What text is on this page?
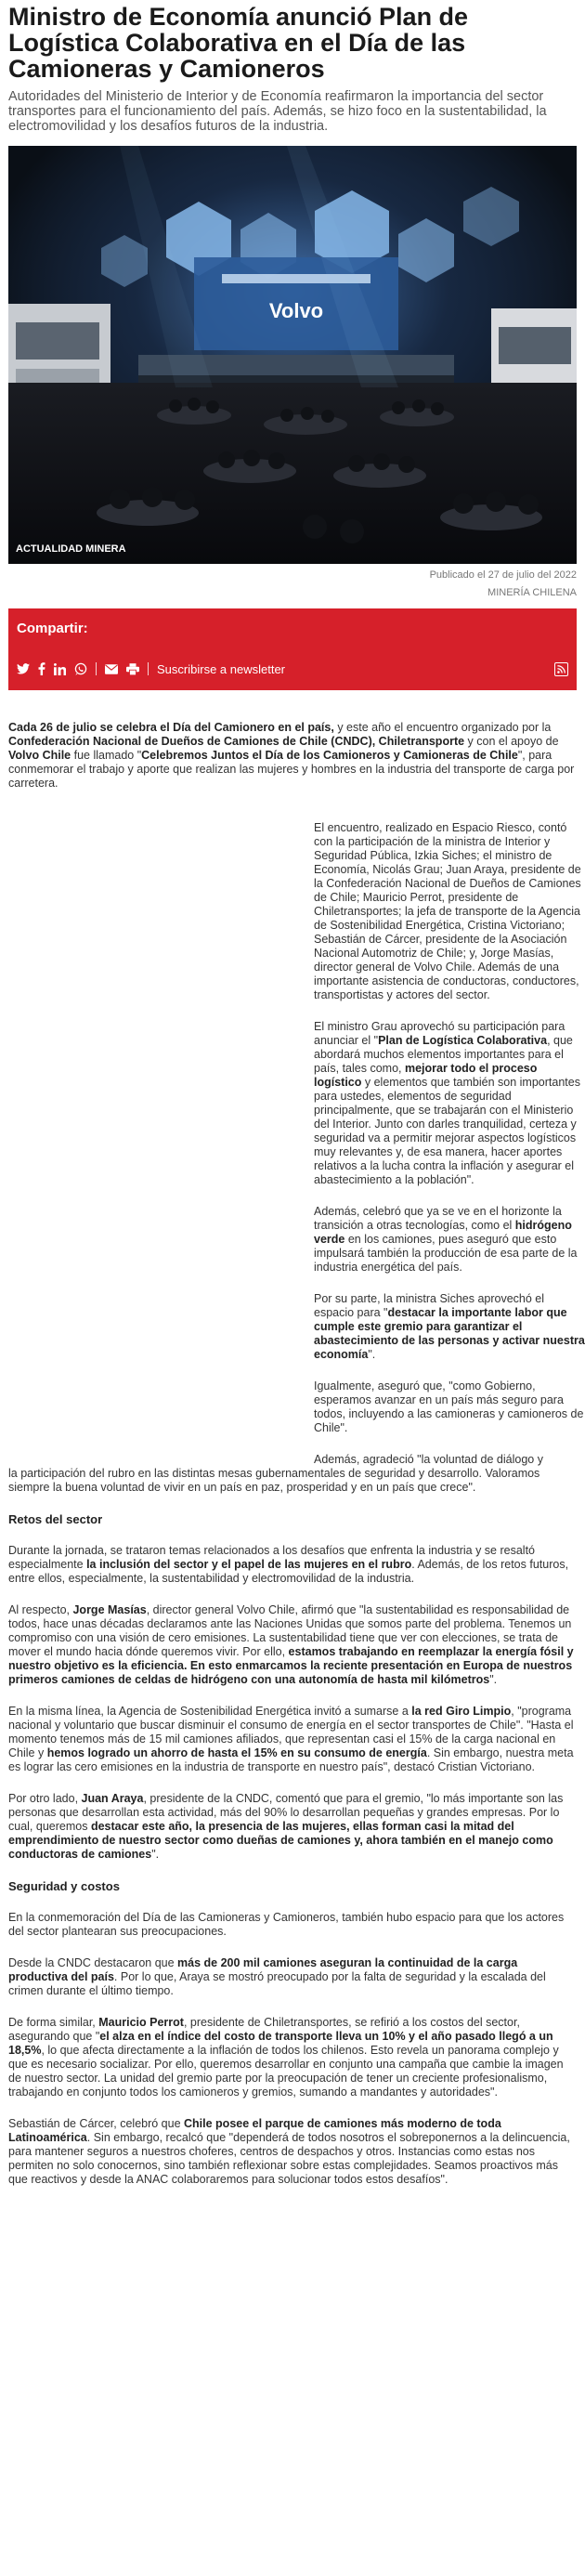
Ministro de Economía anunció Plan de Logística Colaborativa en el Día de las Camioneras y Camioneros

Autoridades del Ministerio de Interior y de Economía reafirmaron la importancia del sector transportes para el funcionamiento del país. Además, se hizo foco en la sustentabilidad, la electromovilidad y los desafíos futuros de la industria.

Volvo
ACTUALIDAD MINERA
Publicado el 27 de julio del 2022
MINERÍA CHILENA
Compartir:
Suscribirse a newsletter

Cada 26 de julio se celebra el Día del Camionero en el país, y este año el encuentro organizado por la Confederación Nacional de Dueños de Camiones de Chile (CNDC), Chiletransporte y con el apoyo de Volvo Chile fue llamado "Celebremos Juntos el Día de los Camioneros y Camioneras de Chile", para conmemorar el trabajo y aporte que realizan las mujeres y hombres en la industria del transporte de carga por carretera.

El encuentro, realizado en Espacio Riesco, contó con la participación de la ministra de Interior y Seguridad Pública, Izkia Siches; el ministro de Economía, Nicolás Grau; Juan Araya, presidente de la Confederación Nacional de Dueños de Camiones de Chile; Mauricio Perrot, presidente de Chiletransportes; la jefa de transporte de la Agencia de Sostenibilidad Energética, Cristina Victoriano; Sebastián de Cárcer, presidente de la Asociación Nacional Automotriz de Chile; y, Jorge Masías, director general de Volvo Chile. Además de una importante asistencia de conductoras, conductores, transportistas y actores del sector.

El ministro Grau aprovechó su participación para anunciar el "Plan de Logística Colaborativa, que abordará muchos elementos importantes para el país, tales como, mejorar todo el proceso logístico y elementos que también son importantes para ustedes, elementos de seguridad principalmente, que se trabajarán con el Ministerio del Interior. Junto con darles tranquilidad, certeza y seguridad va a permitir mejorar aspectos logísticos muy relevantes y, de esa manera, hacer aportes relativos a la lucha contra la inflación y asegurar el abastecimiento a la población".

Además, celebró que ya se ve en el horizonte la transición a otras tecnologías, como el hidrógeno verde en los camiones, pues aseguró que esto impulsará también la producción de esa parte de la industria energética del país.

Por su parte, la ministra Siches aprovechó el espacio para "destacar la importante labor que cumple este gremio para garantizar el abastecimiento de las personas y activar nuestra economía".

Igualmente, aseguró que, "como Gobierno, esperamos avanzar en un país más seguro para todos, incluyendo a las camioneras y camioneros de Chile".

Además, agradeció "la voluntad de diálogo y

la participación del rubro en las distintas mesas gubernamentales de seguridad y desarrollo. Valoramos siempre la buena voluntad de vivir en un país en paz, prosperidad y en un país que crece".

Retos del sector

Durante la jornada, se trataron temas relacionados a los desafíos que enfrenta la industria y se resaltó especialmente la inclusión del sector y el papel de las mujeres en el rubro. Además, de los retos futuros, entre ellos, especialmente, la sustentabilidad y electromovilidad de la industria.

Al respecto, Jorge Masías, director general Volvo Chile, afirmó que "la sustentabilidad es responsabilidad de todos, hace unas décadas declaramos ante las Naciones Unidas que somos parte del problema. Tenemos un compromiso con una visión de cero emisiones. La sustentabilidad tiene que ver con elecciones, se trata de mover el mundo hacia dónde queremos vivir. Por ello, estamos trabajando en reemplazar la energía fósil y nuestro objetivo es la eficiencia. En esto enmarcamos la reciente presentación en Europa de nuestros primeros camiones de celdas de hidrógeno con una autonomía de hasta mil kilómetros".

En la misma línea, la Agencia de Sostenibilidad Energética invitó a sumarse a la red Giro Limpio, "programa nacional y voluntario que buscar disminuir el consumo de energía en el sector transportes de Chile". "Hasta el momento tenemos más de 15 mil camiones afiliados, que representan casi el 15% de la carga nacional en Chile y hemos logrado un ahorro de hasta el 15% en su consumo de energía. Sin embargo, nuestra meta es lograr las cero emisiones en la industria de transporte en nuestro país", destacó Cristian Victoriano.

Por otro lado, Juan Araya, presidente de la CNDC, comentó que para el gremio, "lo más importante son las personas que desarrollan esta actividad, más del 90% lo desarrollan pequeñas y grandes empresas. Por lo cual, queremos destacar este año, la presencia de las mujeres, ellas forman casi la mitad del emprendimiento de nuestro sector como dueñas de camiones y, ahora también en el manejo como conductoras de camiones".

Seguridad y costos

En la conmemoración del Día de las Camioneras y Camioneros, también hubo espacio para que los actores del sector plantearan sus preocupaciones.

Desde la CNDC destacaron que más de 200 mil camiones aseguran la continuidad de la carga productiva del país. Por lo que, Araya se mostró preocupado por la falta de seguridad y la escalada del crimen durante el último tiempo.

De forma similar, Mauricio Perrot, presidente de Chiletransportes, se refirió a los costos del sector, asegurando que "el alza en el índice del costo de transporte lleva un 10% y el año pasado llegó a un 18,5%, lo que afecta directamente a la inflación de todos los chilenos. Esto revela un panorama complejo y que es necesario socializar. Por ello, queremos desarrollar en conjunto una campaña que cambie la imagen de nuestro sector. La unidad del gremio parte por la preocupación de tener un creciente profesionalismo, trabajando en conjunto todos los camioneros y gremios, sumando a mandantes y autoridades".

Sebastián de Cárcer, celebró que Chile posee el parque de camiones más moderno de toda Latinoamérica. Sin embargo, recalcó que "dependerá de todos nosotros el sobreponernos a la delincuencia, para mantener seguros a nuestros choferes, centros de despachos y otros. Instancias como estas nos permiten no solo conocernos, sino también reflexionar sobre estas complejidades. Seamos proactivos más que reactivos y desde la ANAC colaboraremos para solucionar todos estos desafíos".
